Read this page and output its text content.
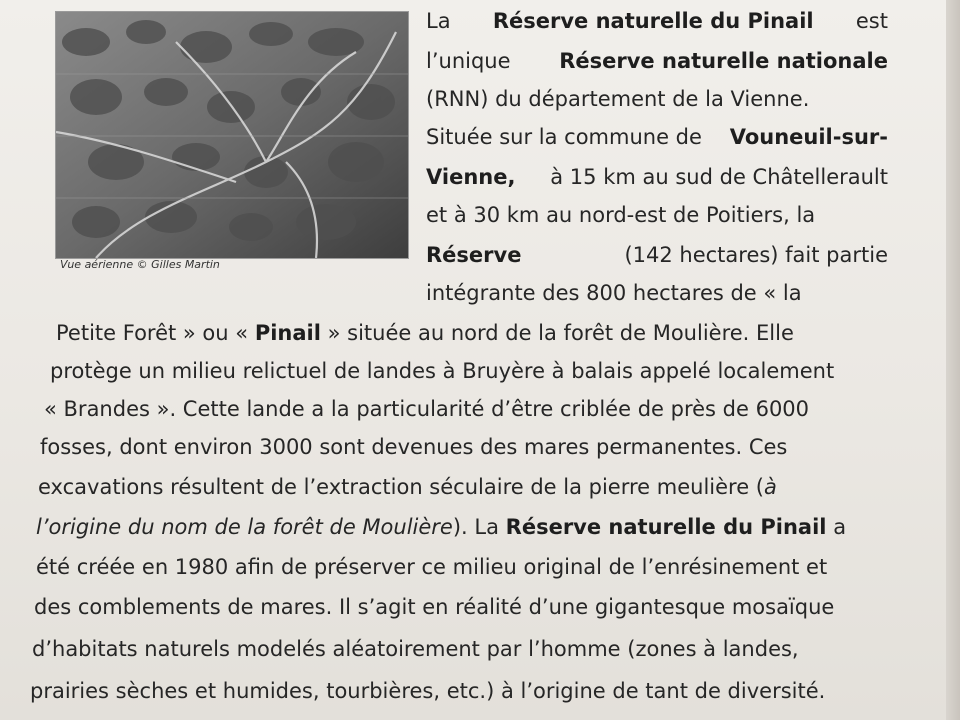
Vue aérienne © Gilles Martin
La Réserve naturelle du Pinail est
l’unique Réserve naturelle nationale
(RNN) du département de la Vienne.
Située sur la commune de Vouneuil-sur-
Vienne, à 15 km au sud de Châtellerault
et à 30 km au nord-est de Poitiers, la
Réserve	(142 hectares) fait partie
intégrante des 800 hectares de « la
Petite Forêt » ou « Pinail » située au nord de la forêt de Moulière. Elle
protège un milieu relictuel de landes à Bruyère à balais appelé localement
« Brandes ». Cette lande a la particularité d’être criblée de près de 6000
fosses, dont environ 3000 sont devenues des mares permanentes. Ces
excavations résultent de l’extraction séculaire de la pierre meulière (à
l’origine du nom de la forêt de Moulière). La Réserve naturelle du Pinail a
été créée en 1980 afin de préserver ce milieu original de l’enrésinement et
des comblements de mares. Il s’agit en réalité d’une gigantesque mosaïque
d’habitats naturels modelés aléatoirement par l’homme (zones à landes,
prairies sèches et humides, tourbières, etc.) à l’origine de tant de diversité.
